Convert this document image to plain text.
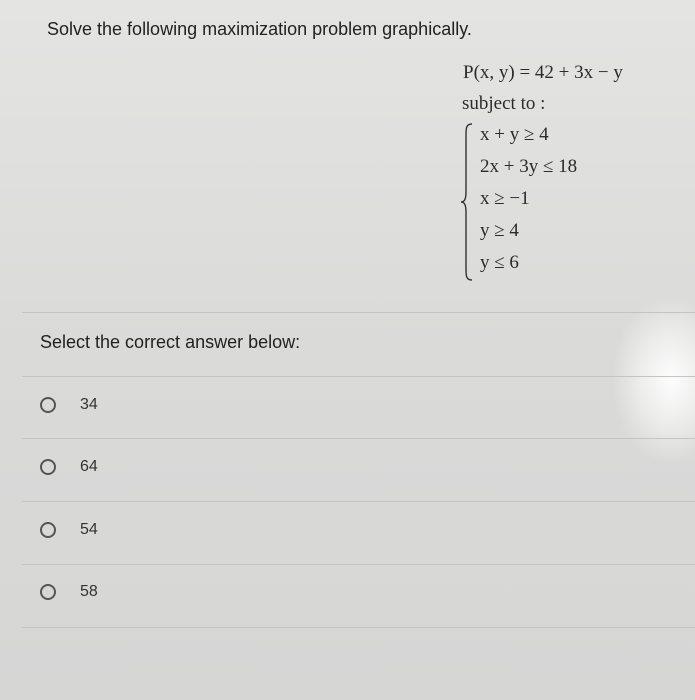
Solve the following maximization problem graphically.
P(x, y) = 42 + 3x − y
subject to :
x + y ≥ 4
2x + 3y ≤ 18
x ≥ −1
y ≥ 4
y ≤ 6
Select the correct answer below:
34
64
54
58
